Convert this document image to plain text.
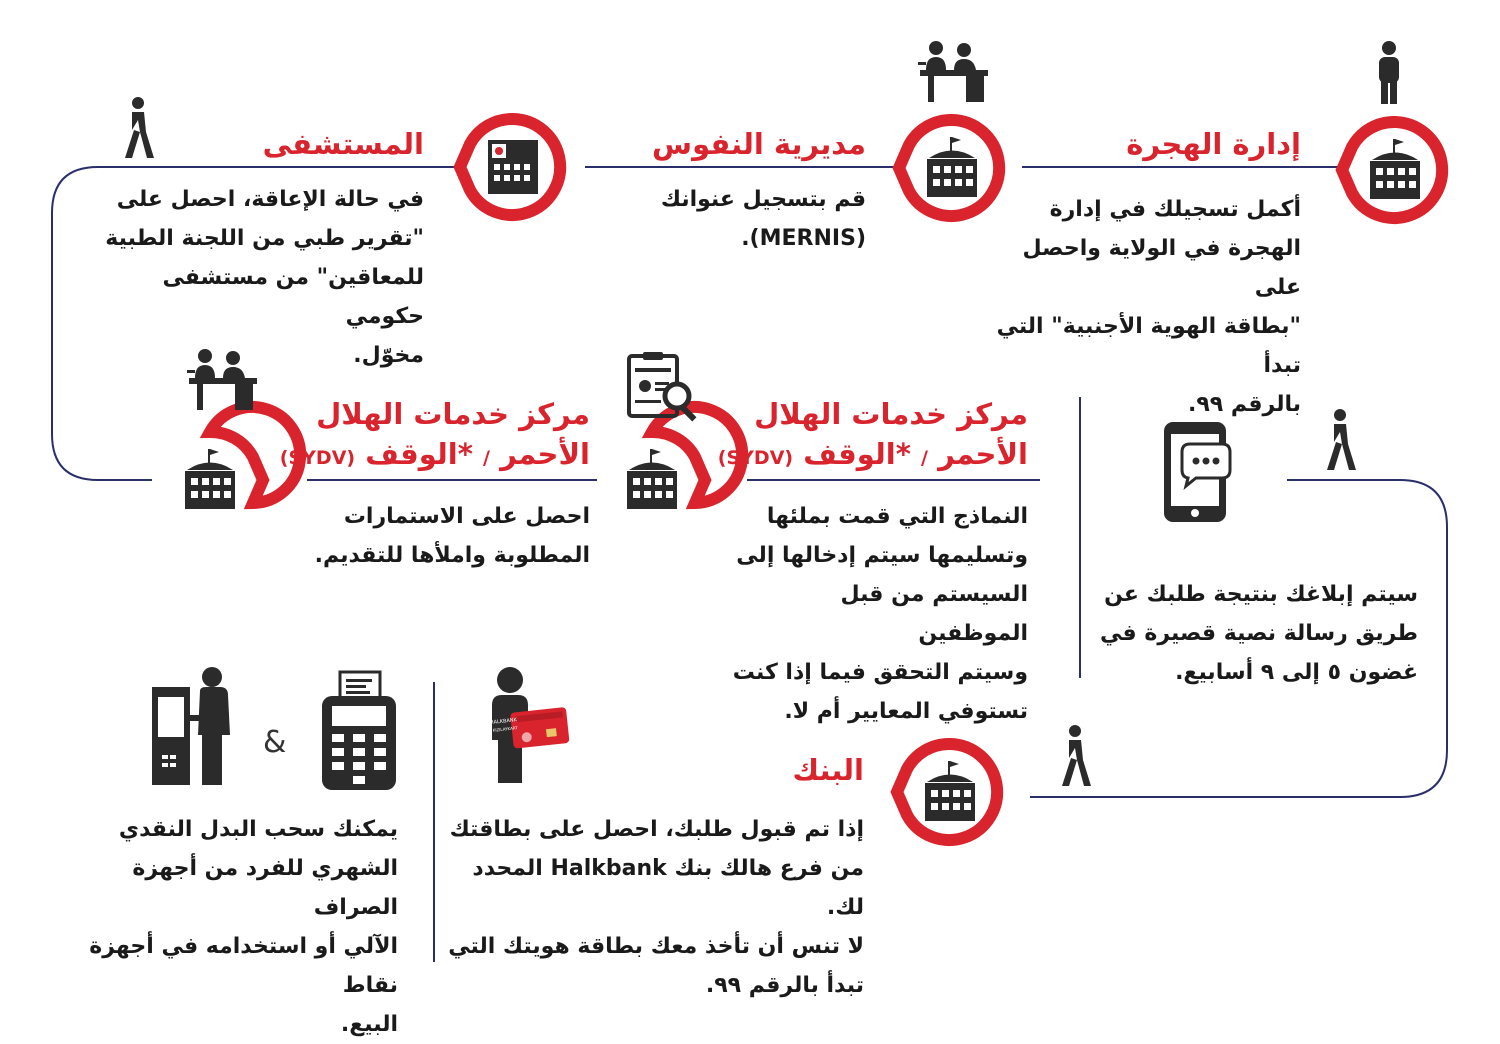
إدارة الهجرة
مديرية النفوس
المستشفى
مركز خدمات الهلال
الأحمر / *الوقف (SYDV)
مركز خدمات الهلال
الأحمر / *الوقف (SYDV)
البنك
أكمل تسجيلك في إدارة
الهجرة في الولاية واحصل على
"بطاقة الهوية الأجنبية" التي تبدأ
بالرقم ٩٩.
قم بتسجيل عنوانك
(MERNIS).
في حالة الإعاقة، احصل على
"تقرير طبي من اللجنة الطبية
للمعاقين" من مستشفى حكومي
مخوّل.
احصل على الاستمارات
المطلوبة واملأها للتقديم.
النماذج التي قمت بملئها
وتسليمها سيتم إدخالها إلى
السيستم من قبل الموظفين
وسيتم التحقق فيما إذا كنت
تستوفي المعايير أم لا.
سيتم إبلاغك بنتيجة طلبك عن
طريق رسالة نصية قصيرة في
غضون ٥ إلى ٩ أسابيع.
إذا تم قبول طلبك، احصل على بطاقتك
من فرع هالك بنك Halkbank المحدد لك.
لا تنس أن تأخذ معك بطاقة هويتك التي
تبدأ بالرقم ٩٩.
يمكنك سحب البدل النقدي
الشهري للفرد من أجهزة الصراف
الآلي أو استخدامه في أجهزة نقاط
البيع.
HALKBANK
KIZILAYKART
&
